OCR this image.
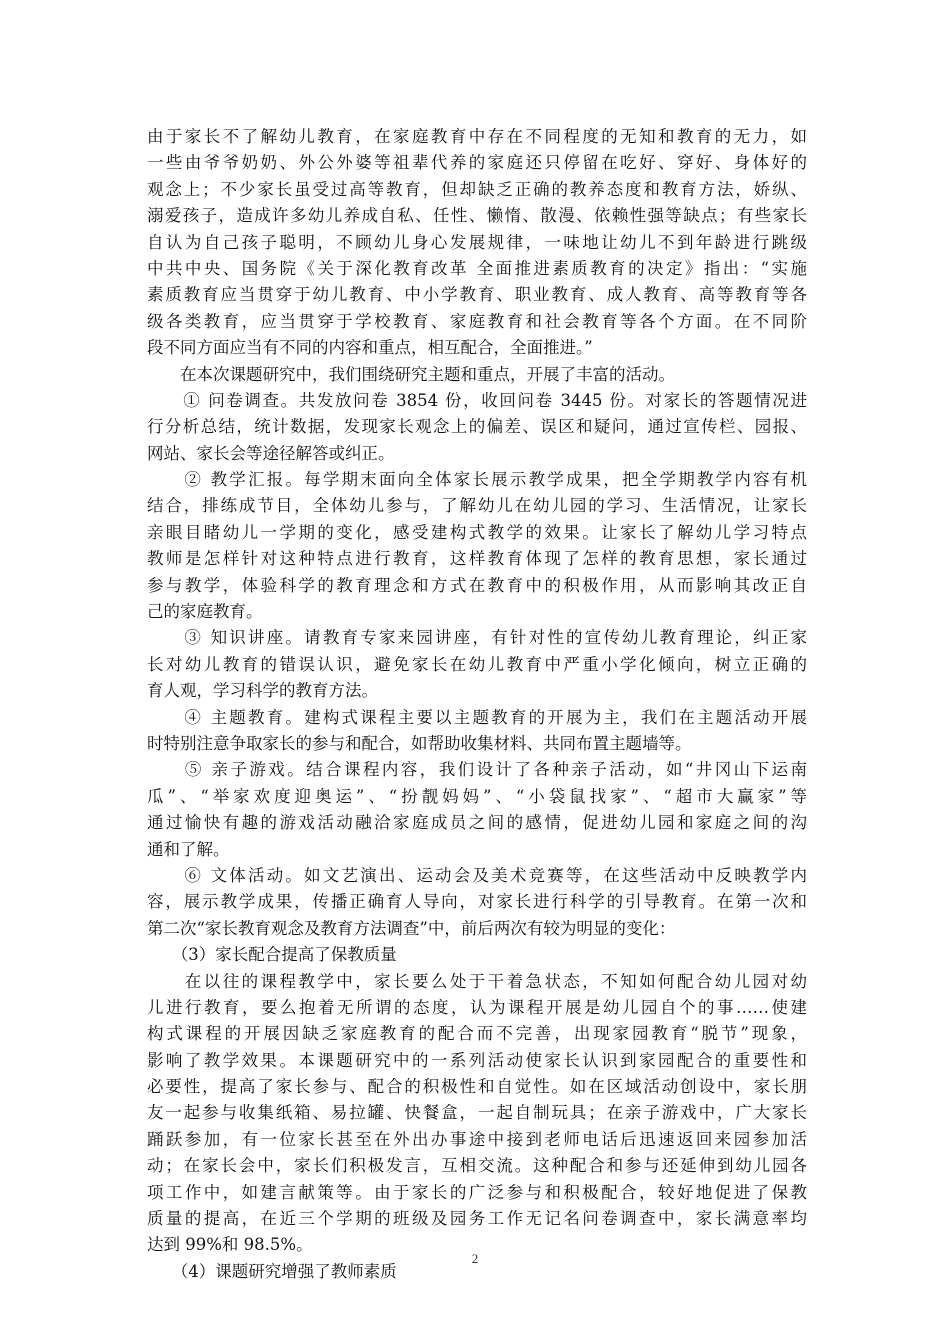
由于家长不了解幼儿教育，在家庭教育中存在不同程度的无知和教育的无力，如
一些由爷爷奶奶、外公外婆等祖辈代养的家庭还只停留在吃好、穿好、身体好的
观念上；不少家长虽受过高等教育，但却缺乏正确的教养态度和教育方法，娇纵、
溺爱孩子，造成许多幼儿养成自私、任性、懒惰、散漫、依赖性强等缺点；有些家长
自认为自己孩子聪明，不顾幼儿身心发展规律，一味地让幼儿不到年龄进行跳级
中共中央、国务院《关于深化教育改革 全面推进素质教育的决定》指出：“实施
素质教育应当贯穿于幼儿教育、中小学教育、职业教育、成人教育、高等教育等各
级各类教育，应当贯穿于学校教育、家庭教育和社会教育等各个方面。在不同阶
段不同方面应当有不同的内容和重点，相互配合，全面推进。”
　　在本次课题研究中，我们围绕研究主题和重点，开展了丰富的活动。
　　① 问卷调查。共发放问卷 3854 份，收回问卷 3445 份。对家长的答题情况进
行分析总结，统计数据，发现家长观念上的偏差、误区和疑问，通过宣传栏、园报、
网站、家长会等途径解答或纠正。
　　② 教学汇报。每学期末面向全体家长展示教学成果，把全学期教学内容有机
结合，排练成节目，全体幼儿参与，了解幼儿在幼儿园的学习、生活情况，让家长
亲眼目睹幼儿一学期的变化，感受建构式教学的效果。让家长了解幼儿学习特点
教师是怎样针对这种特点进行教育，这样教育体现了怎样的教育思想，家长通过
参与教学，体验科学的教育理念和方式在教育中的积极作用，从而影响其改正自
己的家庭教育。
　　③ 知识讲座。请教育专家来园讲座，有针对性的宣传幼儿教育理论，纠正家
长对幼儿教育的错误认识，避免家长在幼儿教育中严重小学化倾向，树立正确的
育人观，学习科学的教育方法。
　　④ 主题教育。建构式课程主要以主题教育的开展为主，我们在主题活动开展
时特别注意争取家长的参与和配合，如帮助收集材料、共同布置主题墙等。
　　⑤ 亲子游戏。结合课程内容，我们设计了各种亲子活动，如“井冈山下运南
瓜”、“举家欢度迎奥运”、“扮靓妈妈”、“小袋鼠找家”、“超市大赢家”等
通过愉快有趣的游戏活动融洽家庭成员之间的感情，促进幼儿园和家庭之间的沟
通和了解。
　　⑥ 文体活动。如文艺演出、运动会及美术竞赛等，在这些活动中反映教学内
容，展示教学成果，传播正确育人导向，对家长进行科学的引导教育。在第一次和
第二次“家长教育观念及教育方法调查”中，前后两次有较为明显的变化：
　　（3）家长配合提高了保教质量
　　在以往的课程教学中，家长要么处于干着急状态，不知如何配合幼儿园对幼
儿进行教育，要么抱着无所谓的态度，认为课程开展是幼儿园自个的事……使建
构式课程的开展因缺乏家庭教育的配合而不完善，出现家园教育“脱节”现象，
影响了教学效果。本课题研究中的一系列活动使家长认识到家园配合的重要性和
必要性，提高了家长参与、配合的积极性和自觉性。如在区域活动创设中，家长朋
友一起参与收集纸箱、易拉罐、快餐盒，一起自制玩具；在亲子游戏中，广大家长
踊跃参加，有一位家长甚至在外出办事途中接到老师电话后迅速返回来园参加活
动；在家长会中，家长们积极发言，互相交流。这种配合和参与还延伸到幼儿园各
项工作中，如建言献策等。由于家长的广泛参与和积极配合，较好地促进了保教
质量的提高，在近三个学期的班级及园务工作无记名问卷调查中，家长满意率均
达到 99%和 98.5%。
　　（4）课题研究增强了教师素质
2
